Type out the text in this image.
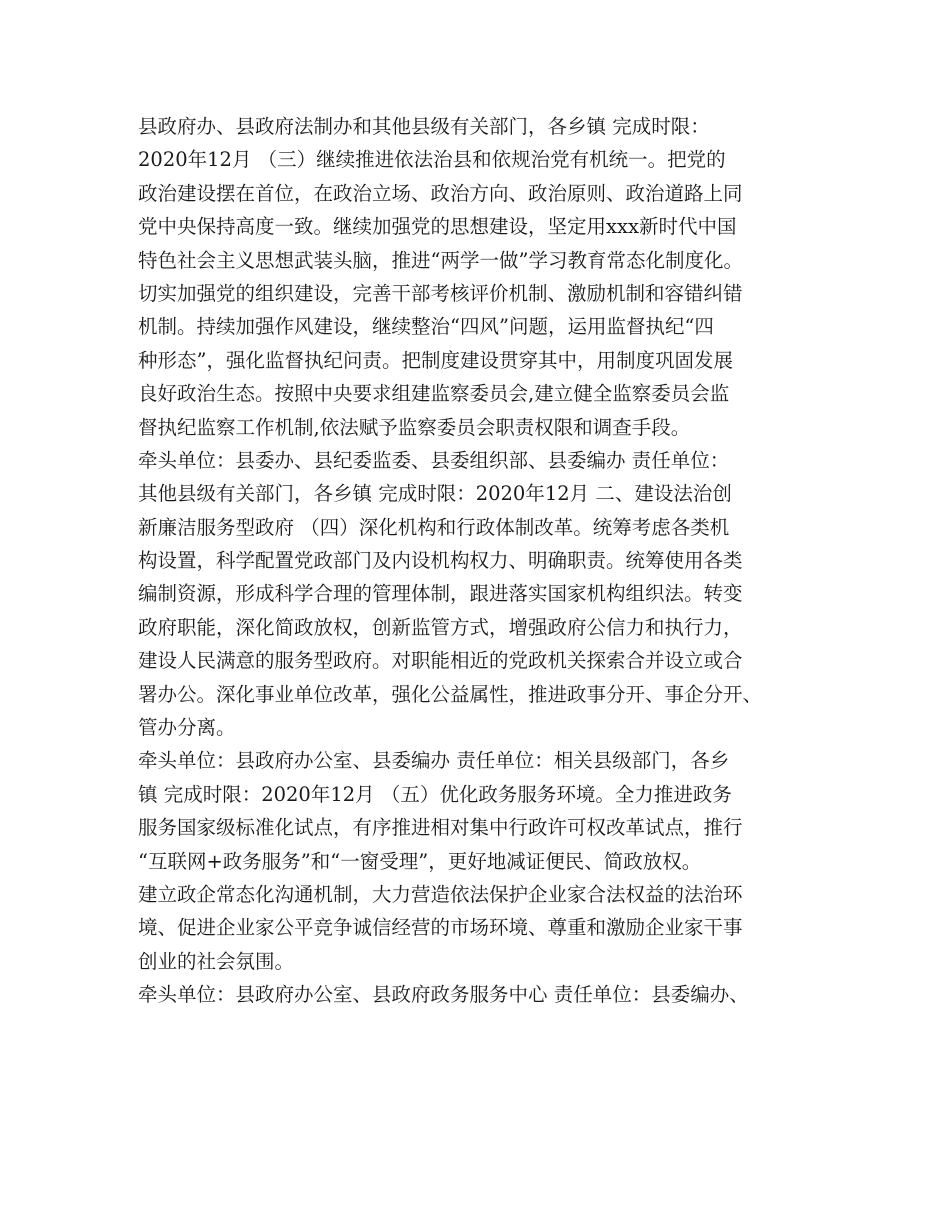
县政府办、县政府法制办和其他县级有关部门，各乡镇 完成时限：
2020年12月 （三）继续推进依法治县和依规治党有机统一。把党的
政治建设摆在首位，在政治立场、政治方向、政治原则、政治道路上同
党中央保持高度一致。继续加强党的思想建设，坚定用xxx新时代中国
特色社会主义思想武装头脑，推进“两学一做”学习教育常态化制度化。
切实加强党的组织建设，完善干部考核评价机制、激励机制和容错纠错
机制。持续加强作风建设，继续整治“四风”问题，运用监督执纪“四
种形态”，强化监督执纪问责。把制度建设贯穿其中，用制度巩固发展
良好政治生态。按照中央要求组建监察委员会,建立健全监察委员会监
督执纪监察工作机制,依法赋予监察委员会职责权限和调查手段。
牵头单位：县委办、县纪委监委、县委组织部、县委编办 责任单位：
其他县级有关部门，各乡镇 完成时限：2020年12月 二、建设法治创
新廉洁服务型政府 （四）深化机构和行政体制改革。统筹考虑各类机
构设置，科学配置党政部门及内设机构权力、明确职责。统筹使用各类
编制资源，形成科学合理的管理体制，跟进落实国家机构组织法。转变
政府职能，深化简政放权，创新监管方式，增强政府公信力和执行力，
建设人民满意的服务型政府。对职能相近的党政机关探索合并设立或合
署办公。深化事业单位改革，强化公益属性，推进政事分开、事企分开、
管办分离。
牵头单位：县政府办公室、县委编办 责任单位：相关县级部门，各乡
镇 完成时限：2020年12月 （五）优化政务服务环境。全力推进政务
服务国家级标准化试点，有序推进相对集中行政许可权改革试点，推行
“互联网+政务服务”和“一窗受理”，更好地减证便民、简政放权。
建立政企常态化沟通机制，大力营造依法保护企业家合法权益的法治环
境、促进企业家公平竞争诚信经营的市场环境、尊重和激励企业家干事
创业的社会氛围。
牵头单位：县政府办公室、县政府政务服务中心 责任单位：县委编办、
